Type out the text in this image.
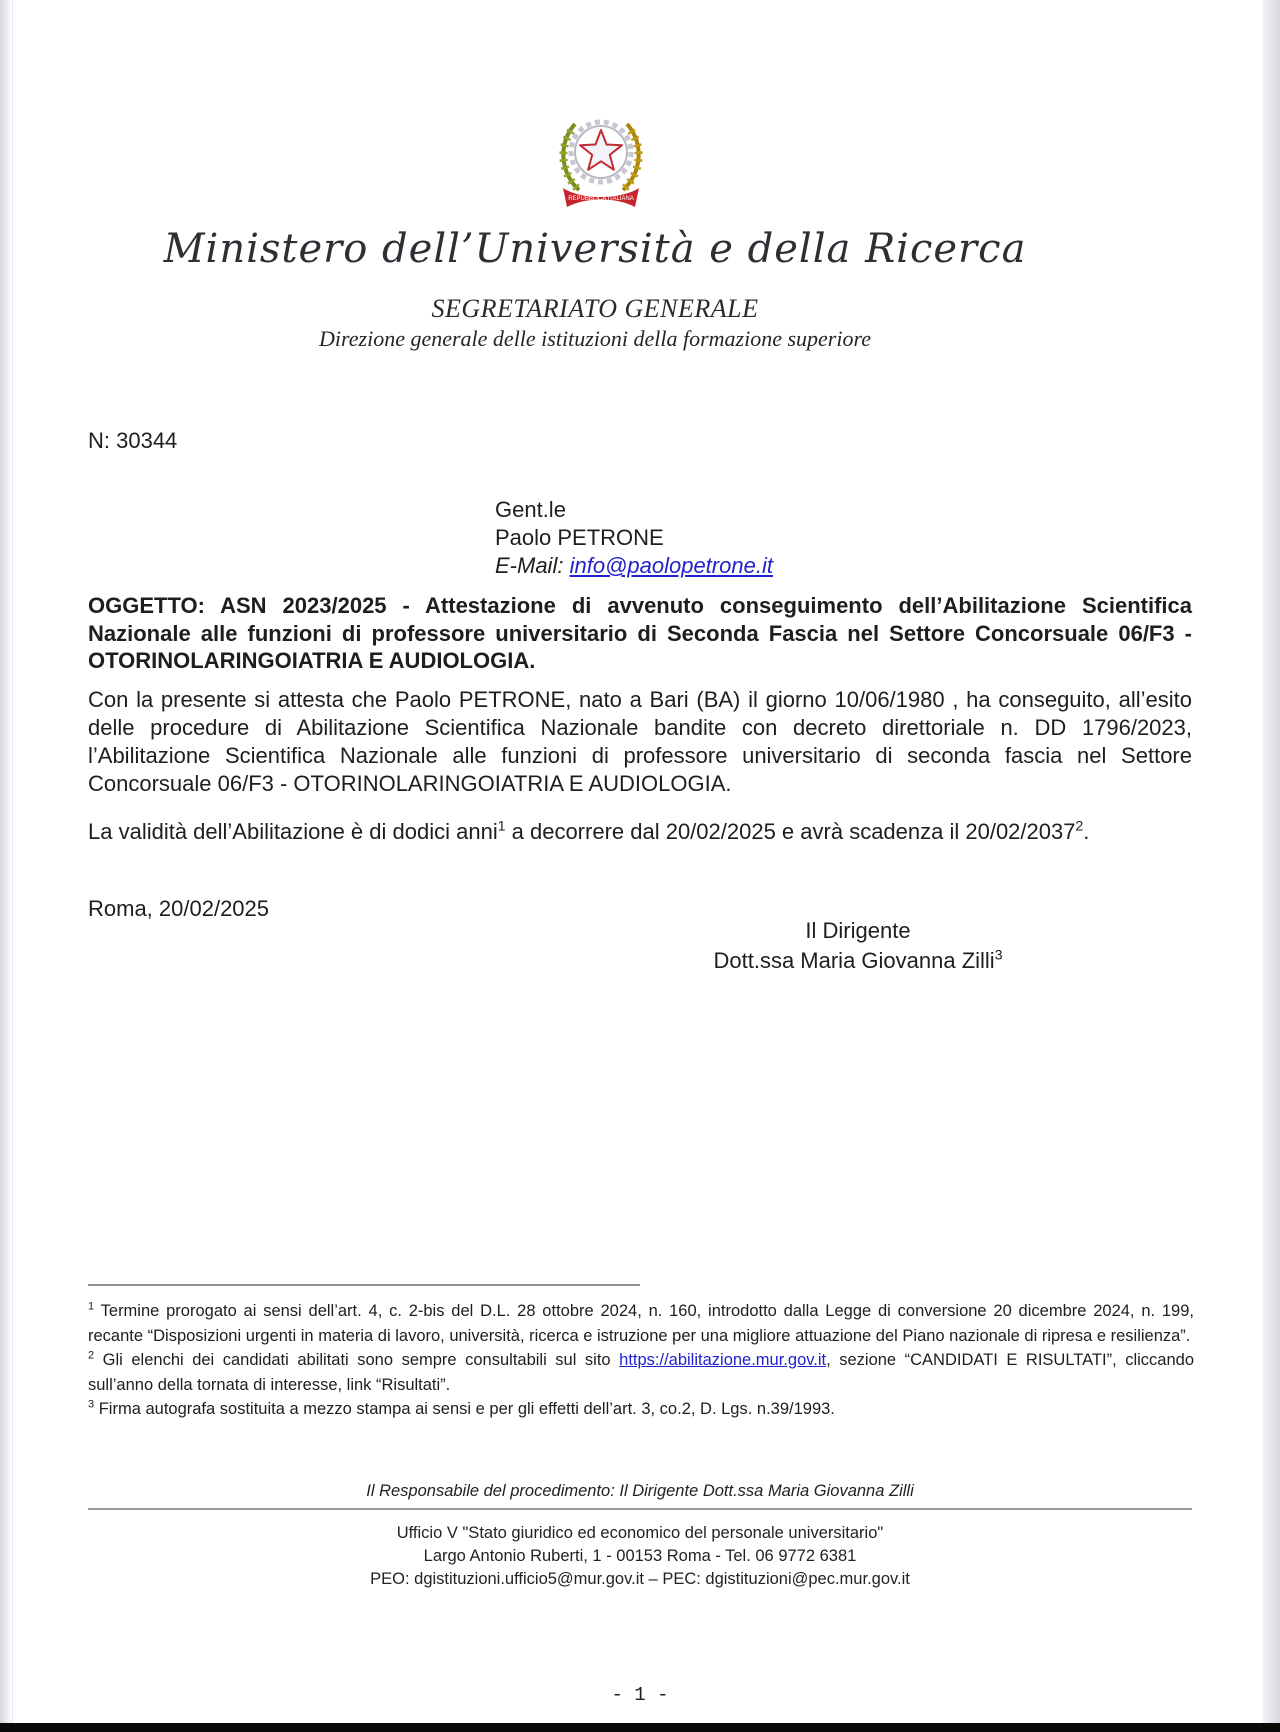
REPUBBLICA ITALIANA
Ministero dell’Università e della Ricerca
SEGRETARIATO GENERALE
Direzione generale delle istituzioni della formazione superiore
N: 30344
Gent.le
Paolo PETRONE
E-Mail: info@paolopetrone.it

OGGETTO: ASN 2023/2025 - Attestazione di avvenuto conseguimento dell’Abilitazione Scientifica Nazionale alle funzioni di professore universitario di Seconda Fascia nel Settore Concorsuale 06/F3 - OTORINOLARINGOIATRIA E AUDIOLOGIA.

Con la presente si attesta che Paolo PETRONE, nato a Bari (BA) il giorno 10/06/1980 , ha conseguito, all’esito delle procedure di Abilitazione Scientifica Nazionale bandite con decreto direttoriale n. DD 1796/2023, l’Abilitazione Scientifica Nazionale alle funzioni di professore universitario di seconda fascia nel Settore Concorsuale 06/F3 - OTORINOLARINGOIATRIA E AUDIOLOGIA.

La validità dell’Abilitazione è di dodici anni$^1$ a decorrere dal 20/02/2025 e avrà scadenza il 20/02/2037$^2$.

Roma, 20/02/2025
Il Dirigente
Dott.ssa Maria Giovanna Zilli$^3$

$^1$ Termine prorogato ai sensi dell’art. 4, c. 2-bis del D.L. 28 ottobre 2024, n. 160, introdotto dalla Legge di conversione 20 dicembre 2024, n. 199, recante “Disposizioni urgenti in materia di lavoro, università, ricerca e istruzione per una migliore attuazione del Piano nazionale di ripresa e resilienza”.

$^2$ Gli elenchi dei candidati abilitati sono sempre consultabili sul sito https://abilitazione.mur.gov.it, sezione “CANDIDATI E RISULTATI”, cliccando sull’anno della tornata di interesse, link “Risultati”.

$^3$ Firma autografa sostituita a mezzo stampa ai sensi e per gli effetti dell’art. 3, co.2, D. Lgs. n.39/1993.

Il Responsabile del procedimento: Il Dirigente Dott.ssa Maria Giovanna Zilli
Ufficio V "Stato giuridico ed economico del personale universitario"
Largo Antonio Ruberti, 1 - 00153 Roma - Tel. 06 9772 6381
PEO: dgistituzioni.ufficio5@mur.gov.it – PEC: dgistituzioni@pec.mur.gov.it
- 1 -
